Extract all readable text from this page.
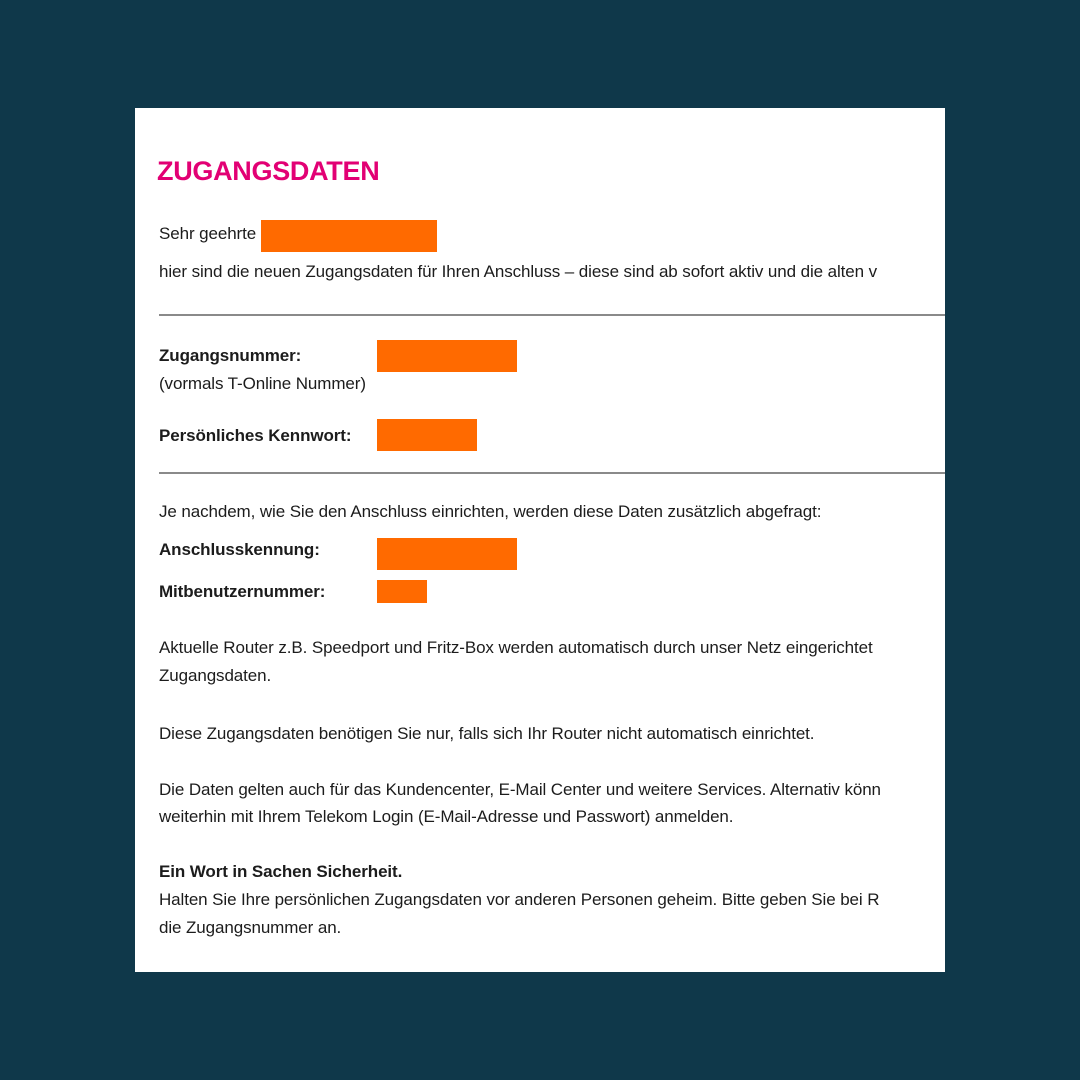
ZUGANGSDATEN
Sehr geehrte
hier sind die neuen Zugangsdaten für Ihren Anschluss – diese sind ab sofort aktiv und die alten v
Zugangsnummer:
(vormals T-Online Nummer)
Persönliches Kennwort:
Je nachdem, wie Sie den Anschluss einrichten, werden diese Daten zusätzlich abgefragt:
Anschlusskennung:
Mitbenutzernummer:
Aktuelle Router z.B. Speedport und Fritz-Box werden automatisch durch unser Netz eingerichtet
Zugangsdaten.
Diese Zugangsdaten benötigen Sie nur, falls sich Ihr Router nicht automatisch einrichtet.
Die Daten gelten auch für das Kundencenter, E-Mail Center und weitere Services. Alternativ könn
weiterhin mit Ihrem Telekom Login (E-Mail-Adresse und Passwort) anmelden.
Ein Wort in Sachen Sicherheit.
Halten Sie Ihre persönlichen Zugangsdaten vor anderen Personen geheim. Bitte geben Sie bei R
die Zugangsnummer an.
